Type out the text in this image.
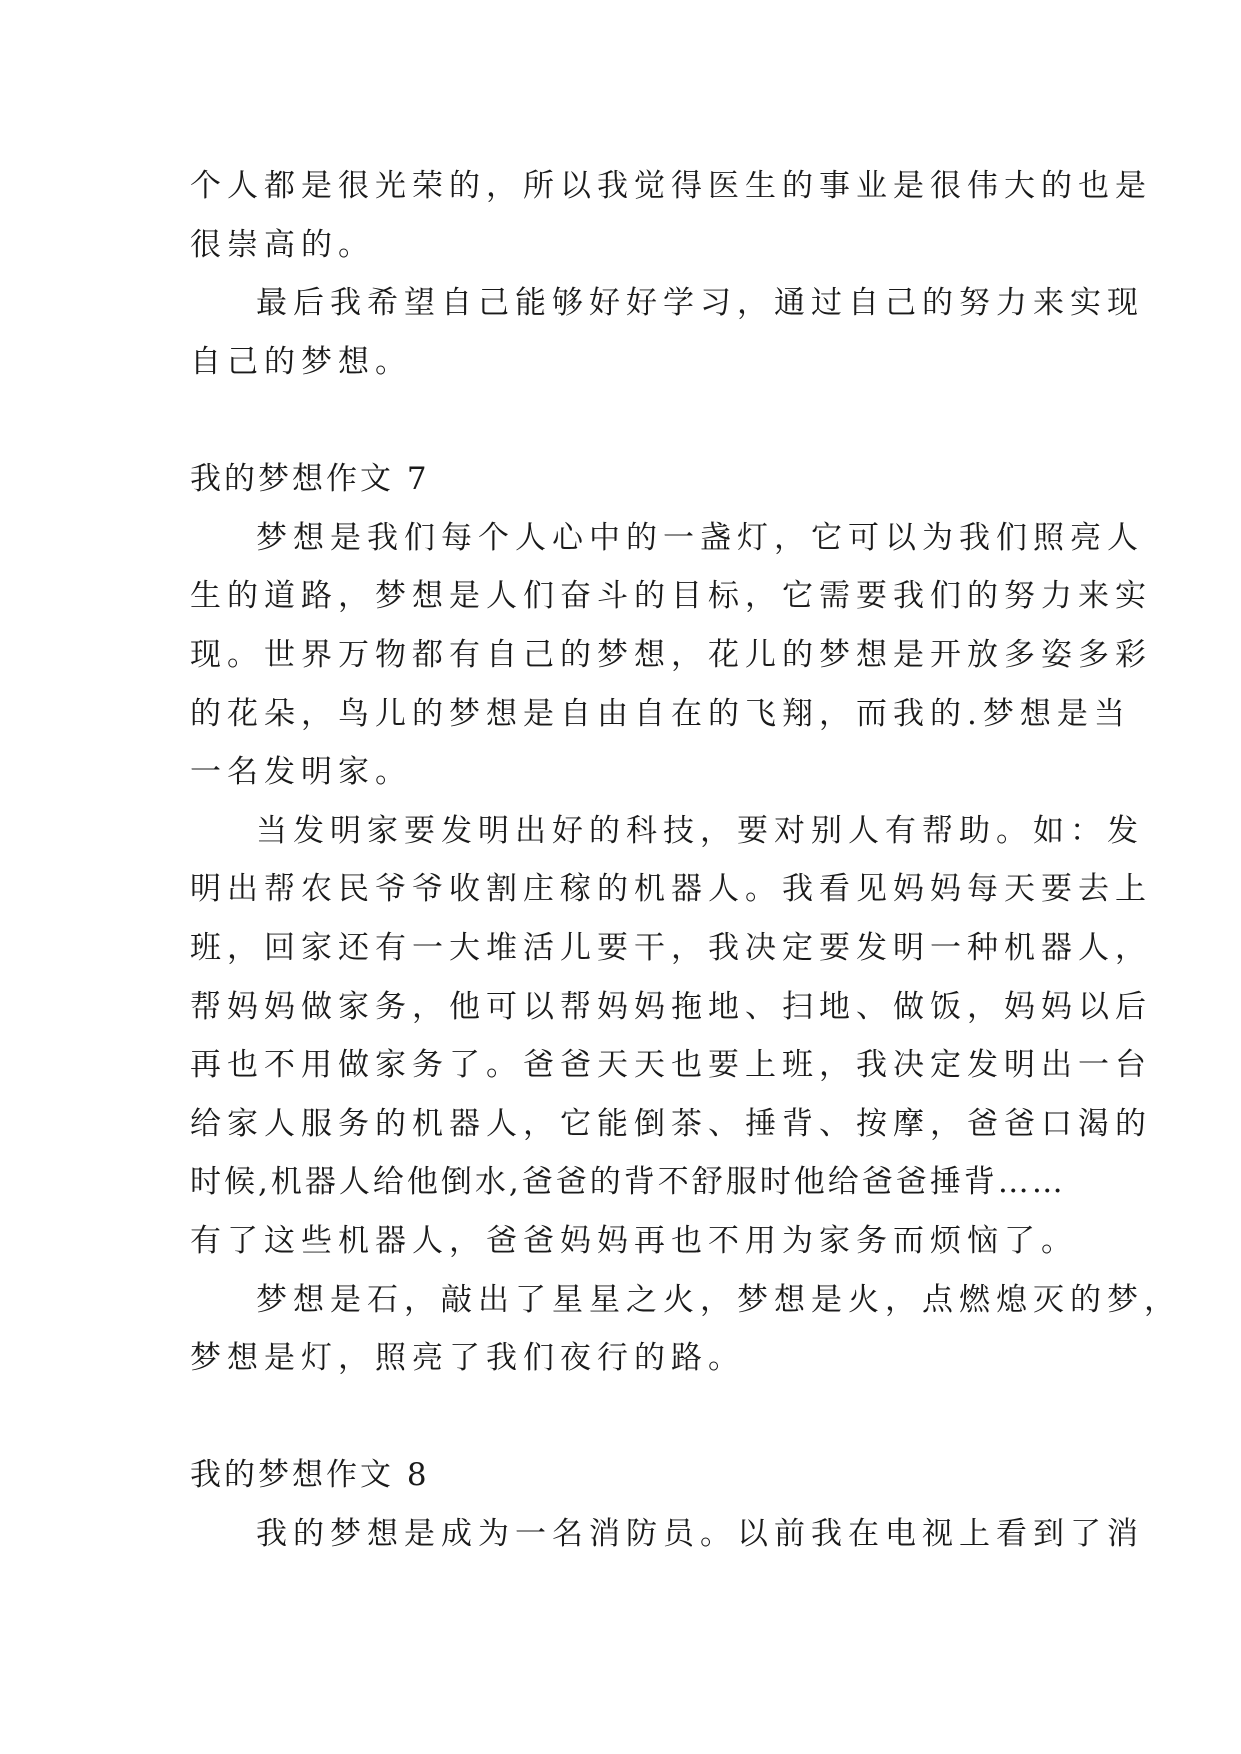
个人都是很光荣的，所以我觉得医生的事业是很伟大的也是
很崇高的。
最后我希望自己能够好好学习，通过自己的努力来实现
自己的梦想。
我的梦想作文 7
梦想是我们每个人心中的一盏灯，它可以为我们照亮人
生的道路，梦想是人们奋斗的目标，它需要我们的努力来实
现。世界万物都有自己的梦想，花儿的梦想是开放多姿多彩
的花朵，鸟儿的梦想是自由自在的飞翔，而我的.梦想是当
一名发明家。
当发明家要发明出好的科技，要对别人有帮助。如：发
明出帮农民爷爷收割庄稼的机器人。我看见妈妈每天要去上
班，回家还有一大堆活儿要干，我决定要发明一种机器人，
帮妈妈做家务，他可以帮妈妈拖地、扫地、做饭，妈妈以后
再也不用做家务了。爸爸天天也要上班，我决定发明出一台
给家人服务的机器人，它能倒茶、捶背、按摩，爸爸口渴的
时候,机器人给他倒水,爸爸的背不舒服时他给爸爸捶背……
有了这些机器人，爸爸妈妈再也不用为家务而烦恼了。
梦想是石，敲出了星星之火，梦想是火，点燃熄灭的梦，
梦想是灯，照亮了我们夜行的路。
我的梦想作文 8
我的梦想是成为一名消防员。以前我在电视上看到了消
